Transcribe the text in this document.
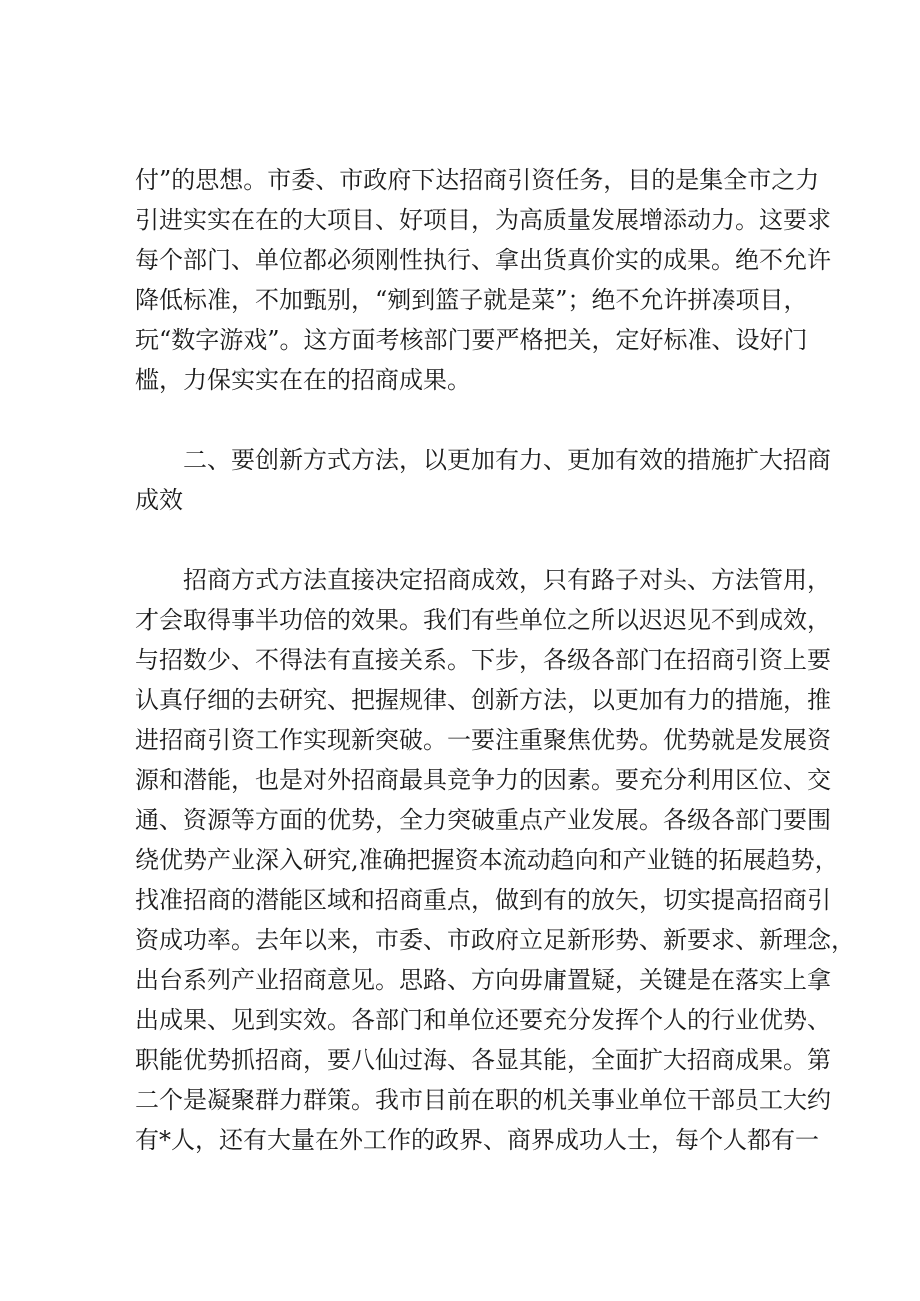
付”的思想。市委、市政府下达招商引资任务，目的是集全市之力
引进实实在在的大项目、好项目，为高质量发展增添动力。这要求
每个部门、单位都必须刚性执行、拿出货真价实的成果。绝不允许
降低标准，不加甄别，“剜到篮子就是菜”；绝不允许拼凑项目，
玩“数字游戏”。这方面考核部门要严格把关，定好标准、设好门
槛，力保实实在在的招商成果。
二、要创新方式方法，以更加有力、更加有效的措施扩大招商
成效
招商方式方法直接决定招商成效，只有路子对头、方法管用，
才会取得事半功倍的效果。我们有些单位之所以迟迟见不到成效，
与招数少、不得法有直接关系。下步，各级各部门在招商引资上要
认真仔细的去研究、把握规律、创新方法，以更加有力的措施，推
进招商引资工作实现新突破。一要注重聚焦优势。优势就是发展资
源和潜能，也是对外招商最具竞争力的因素。要充分利用区位、交
通、资源等方面的优势，全力突破重点产业发展。各级各部门要围
绕优势产业深入研究,准确把握资本流动趋向和产业链的拓展趋势，
找准招商的潜能区域和招商重点，做到有的放矢，切实提高招商引
资成功率。去年以来，市委、市政府立足新形势、新要求、新理念，
出台系列产业招商意见。思路、方向毋庸置疑，关键是在落实上拿
出成果、见到实效。各部门和单位还要充分发挥个人的行业优势、
职能优势抓招商，要八仙过海、各显其能，全面扩大招商成果。第
二个是凝聚群力群策。我市目前在职的机关事业单位干部员工大约
有*人，还有大量在外工作的政界、商界成功人士，每个人都有一
